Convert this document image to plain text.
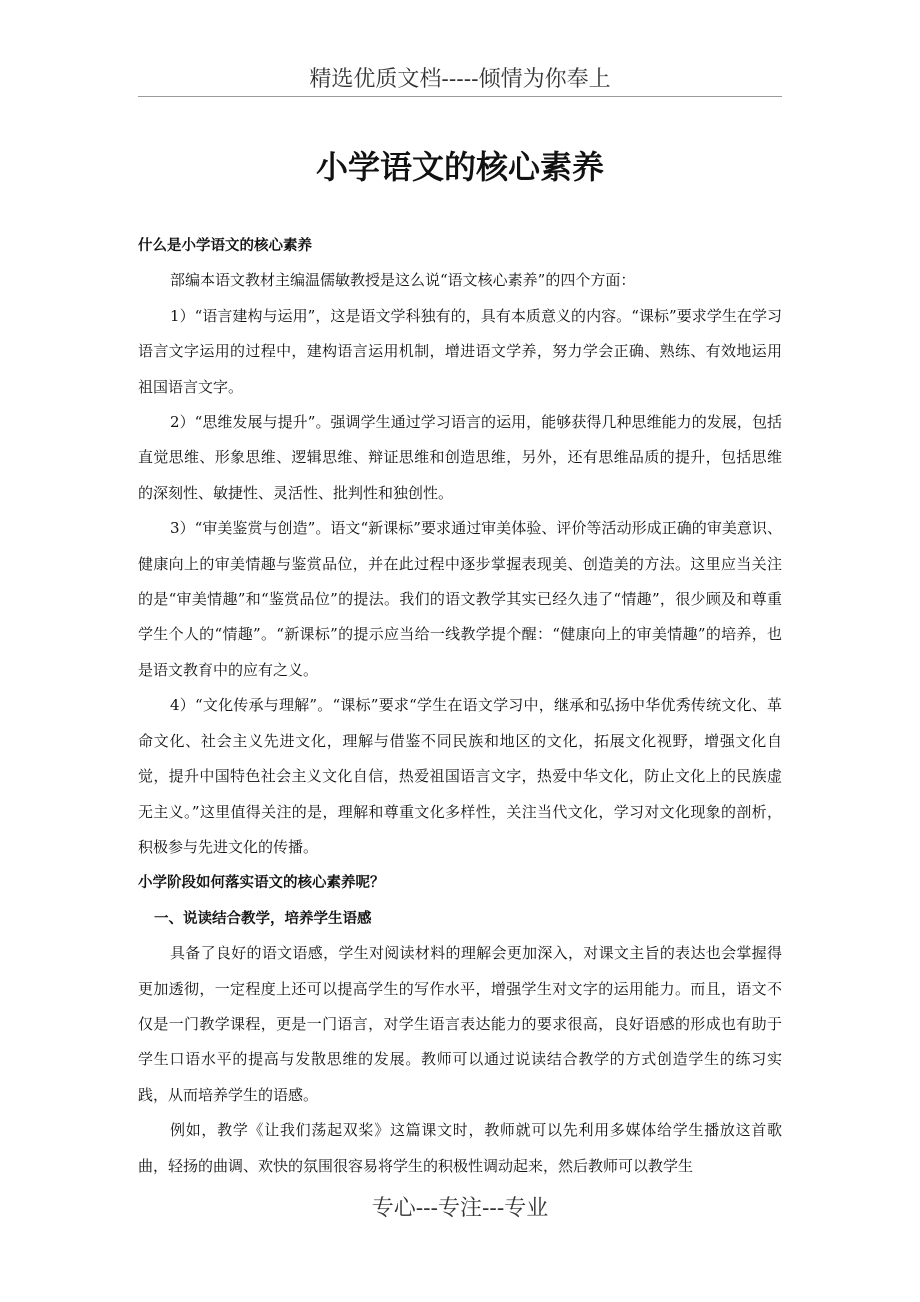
精选优质文档-----倾情为你奉上
小学语文的核心素养

什么是小学语文的核心素养

部编本语文教材主编温儒敏教授是这么说“语文核心素养”的四个方面：

1）“语言建构与运用”，这是语文学科独有的，具有本质意义的内容。“课标”要求学生在学习语言文字运用的过程中，建构语言运用机制，增进语文学养，努力学会正确、熟练、有效地运用祖国语言文字。

2）“思维发展与提升”。强调学生通过学习语言的运用，能够获得几种思维能力的发展，包括直觉思维、形象思维、逻辑思维、辩证思维和创造思维，另外，还有思维品质的提升，包括思维的深刻性、敏捷性、灵活性、批判性和独创性。

3）“审美鉴赏与创造”。语文“新课标”要求通过审美体验、评价等活动形成正确的审美意识、健康向上的审美情趣与鉴赏品位，并在此过程中逐步掌握表现美、创造美的方法。这里应当关注的是“审美情趣”和“鉴赏品位”的提法。我们的语文教学其实已经久违了“情趣”，很少顾及和尊重学生个人的“情趣”。“新课标”的提示应当给一线教学提个醒：“健康向上的审美情趣”的培养，也是语文教育中的应有之义。

4）“文化传承与理解”。“课标”要求“学生在语文学习中，继承和弘扬中华优秀传统文化、革命文化、社会主义先进文化，理解与借鉴不同民族和地区的文化，拓展文化视野，增强文化自觉，提升中国特色社会主义文化自信，热爱祖国语言文字，热爱中华文化，防止文化上的民族虚无主义。”这里值得关注的是，理解和尊重文化多样性，关注当代文化，学习对文化现象的剖析，积极参与先进文化的传播。

小学阶段如何落实语文的核心素养呢？

一、说读结合教学，培养学生语感

具备了良好的语文语感，学生对阅读材料的理解会更加深入，对课文主旨的表达也会掌握得更加透彻，一定程度上还可以提高学生的写作水平，增强学生对文字的运用能力。而且，语文不仅是一门教学课程，更是一门语言，对学生语言表达能力的要求很高，良好语感的形成也有助于学生口语水平的提高与发散思维的发展。教师可以通过说读结合教学的方式创造学生的练习实践，从而培养学生的语感。

例如，教学《让我们荡起双桨》这篇课文时，教师就可以先利用多媒体给学生播放这首歌曲，轻扬的曲调、欢快的氛围很容易将学生的积极性调动起来，然后教师可以教学生

专心---专注---专业
